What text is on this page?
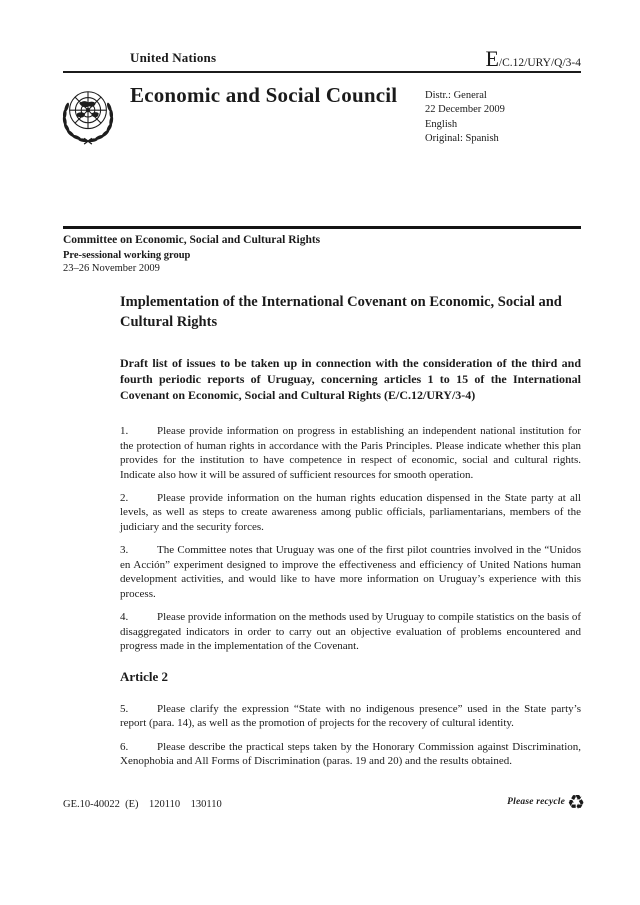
United Nations	E/C.12/URY/Q/3-4
Economic and Social Council	Distr.: General
22 December 2009
English
Original: Spanish
Committee on Economic, Social and Cultural Rights
Pre-sessional working group
23–26 November 2009
Implementation of the International Covenant on Economic, Social and Cultural Rights
Draft list of issues to be taken up in connection with the consideration of the third and fourth periodic reports of Uruguay, concerning articles 1 to 15 of the International Covenant on Economic, Social and Cultural Rights (E/C.12/URY/3-4)

1.	Please provide information on progress in establishing an independent national institution for the protection of human rights in accordance with the Paris Principles. Please indicate whether this plan provides for the institution to have competence in respect of economic, social and cultural rights. Indicate also how it will be assured of sufficient resources for smooth operation.

2.	Please provide information on the human rights education dispensed in the State party at all levels, as well as steps to create awareness among public officials, parliamentarians, members of the judiciary and the security forces.

3.	The Committee notes that Uruguay was one of the first pilot countries involved in the “Unidos en Acción” experiment designed to improve the effectiveness and efficiency of United Nations human development activities, and would like to have more information on Uruguay’s experience with this process.

4.	Please provide information on the methods used by Uruguay to compile statistics on the basis of disaggregated indicators in order to carry out an objective evaluation of problems encountered and progress made in the implementation of the Covenant.

Article 2

5.	Please clarify the expression “State with no indigenous presence” used in the State party’s report (para. 14), as well as the promotion of projects for the recovery of cultural identity.

6.	Please describe the practical steps taken by the Honorary Commission against Discrimination, Xenophobia and All Forms of Discrimination (paras. 19 and 20) and the results obtained.

GE.10-40022  (E)    120110    130110	Please recycle ♻
